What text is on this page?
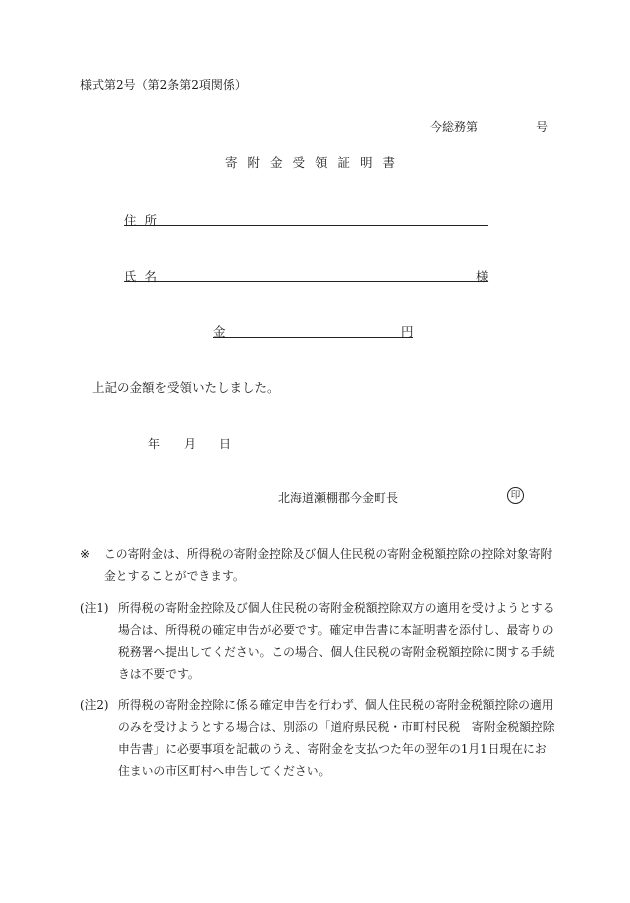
様式第2号（第2条第2項関係）
今総務第	号
寄附金受領証明書
住所
氏名	様
金	円
上記の金額を受領いたしました。
年 月 日
北海道瀬棚郡今金町長	印
※ この寄附金は、所得税の寄附金控除及び個人住民税の寄附金税額控除の控除対象寄附金とすることができます。
(注1) 所得税の寄附金控除及び個人住民税の寄附金税額控除双方の適用を受けようとする場合は、所得税の確定申告が必要です。確定申告書に本証明書を添付し、最寄りの税務署へ提出してください。この場合、個人住民税の寄附金税額控除に関する手続きは不要です。
(注2) 所得税の寄附金控除に係る確定申告を行わず、個人住民税の寄附金税額控除の適用のみを受けようとする場合は、別添の「道府県民税・市町村民税　寄附金税額控除申告書」に必要事項を記載のうえ、寄附金を支払つた年の翌年の1月1日現在にお住まいの市区町村へ申告してください。
